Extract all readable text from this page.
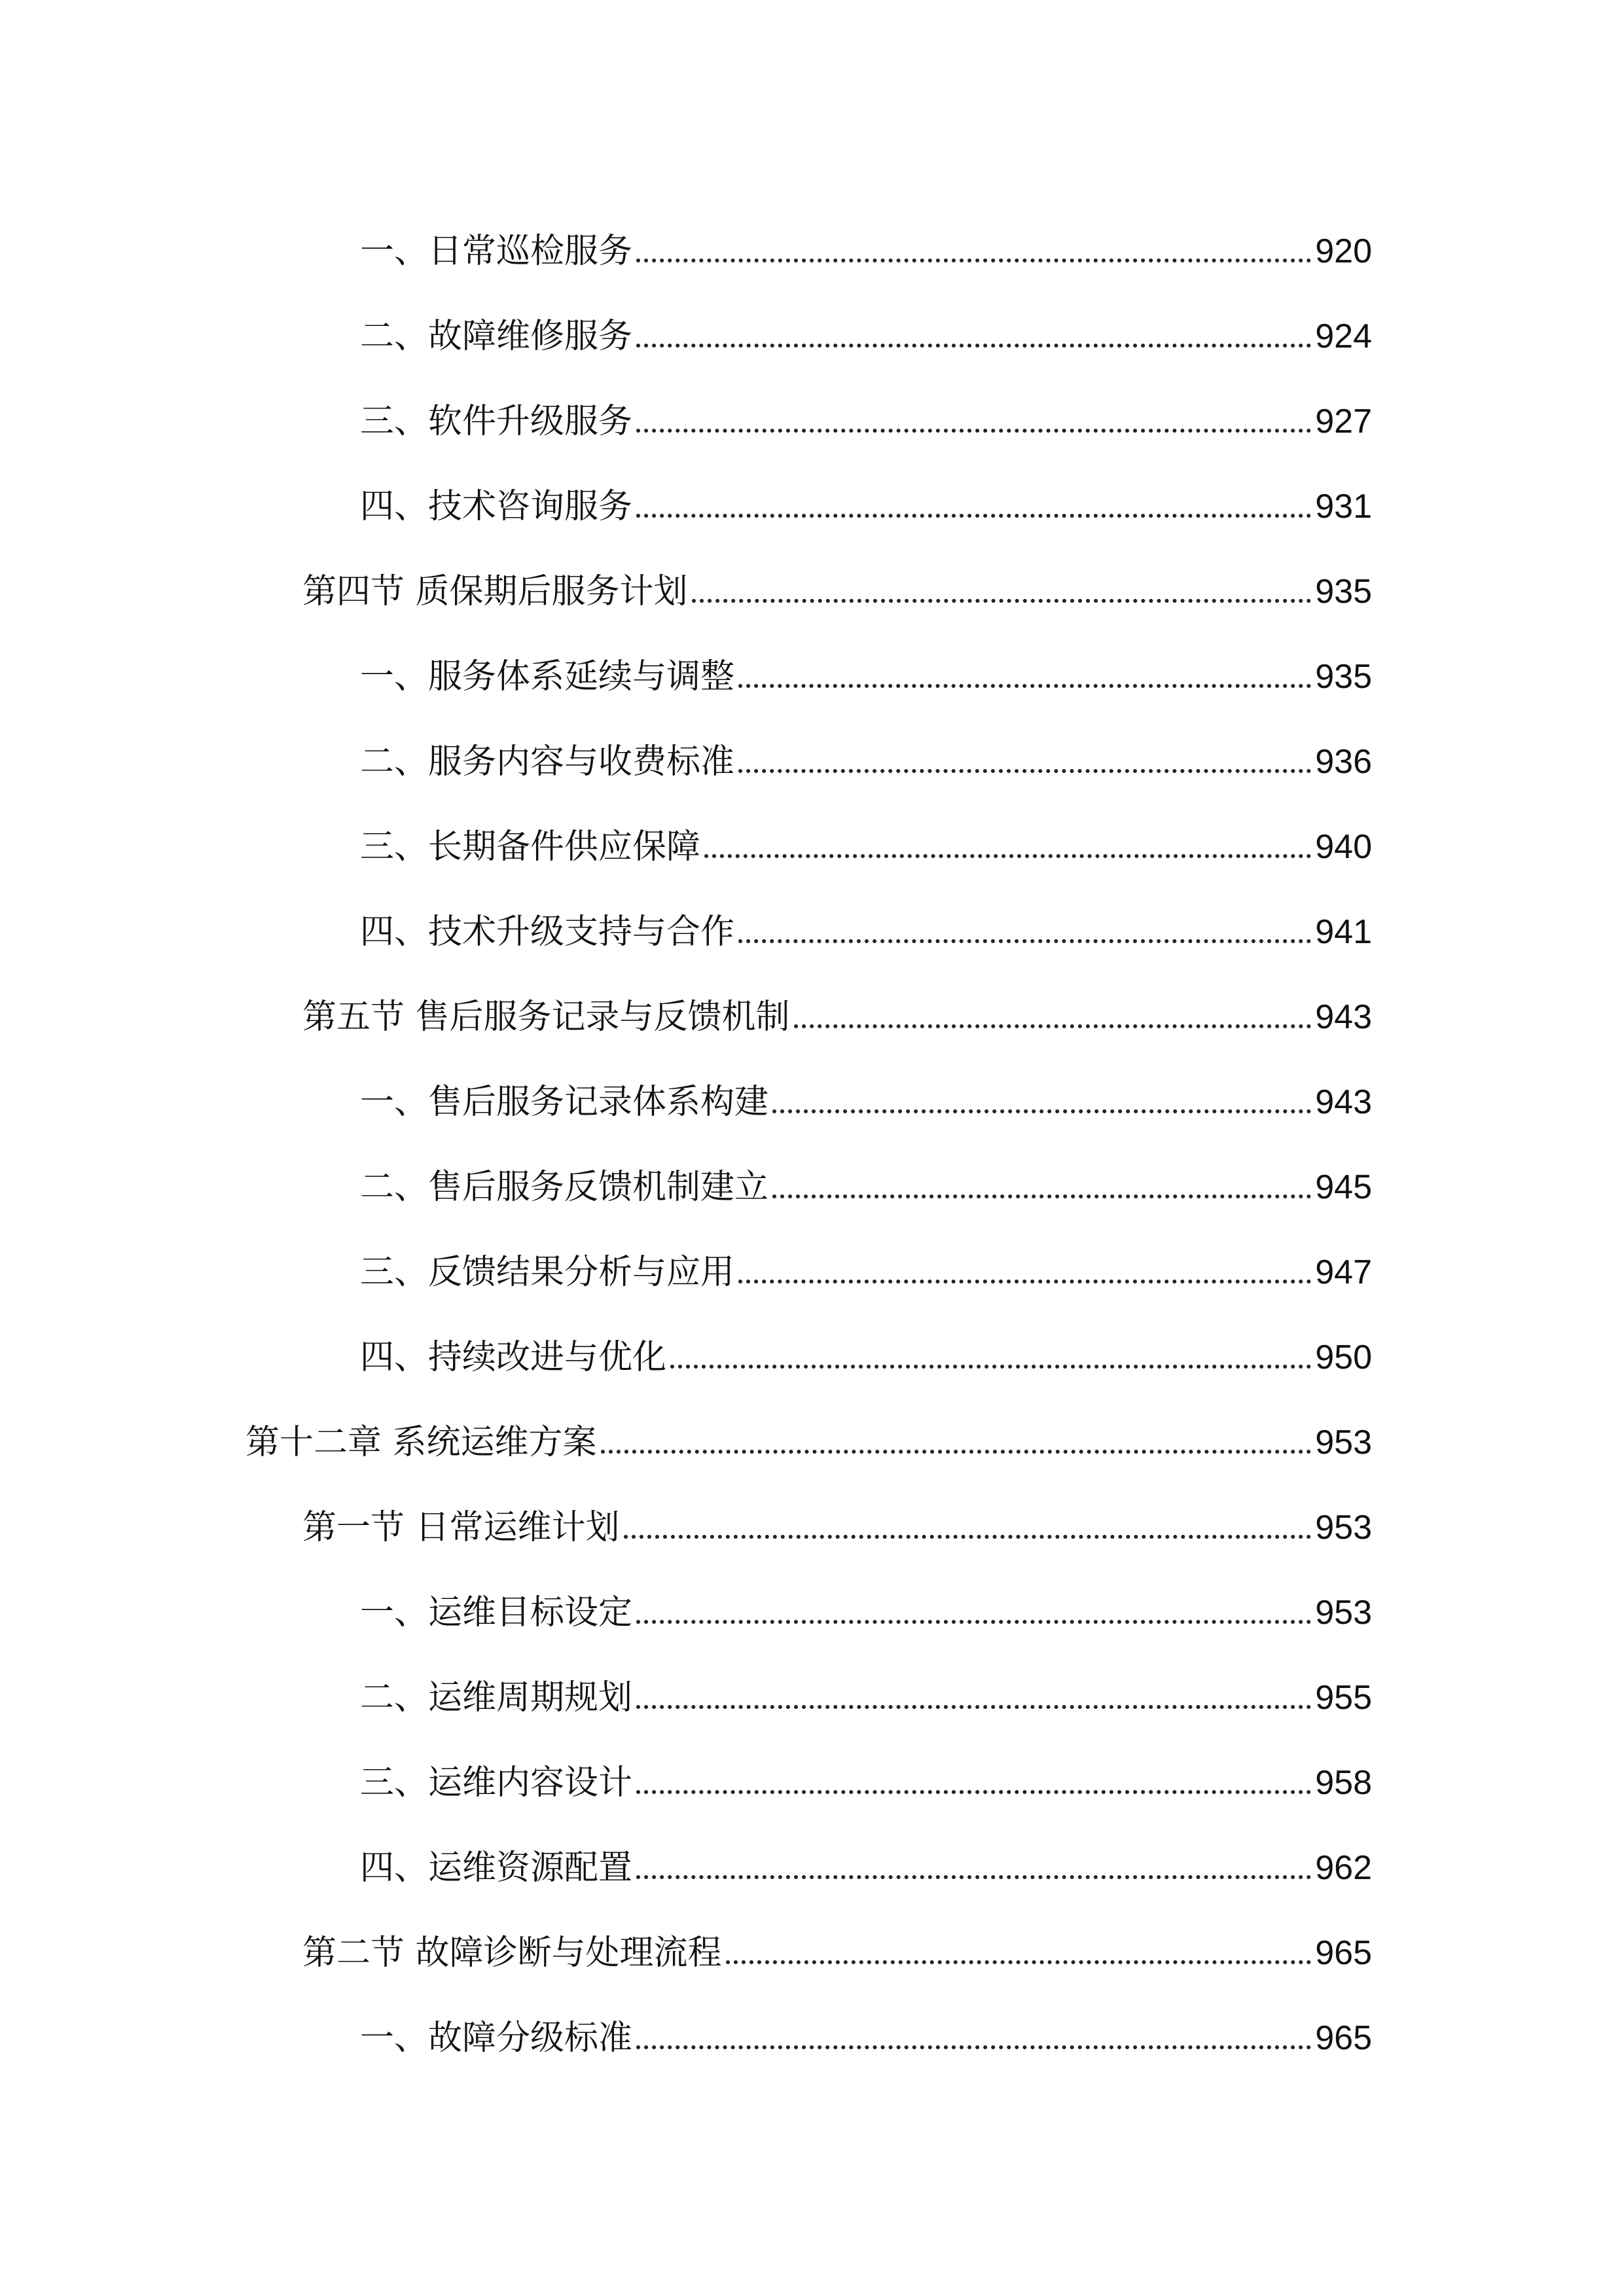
一、日常巡检服务	920
二、故障维修服务	924
三、软件升级服务	927
四、技术咨询服务	931
第四节 质保期后服务计划	935
一、服务体系延续与调整	935
二、服务内容与收费标准	936
三、长期备件供应保障	940
四、技术升级支持与合作	941
第五节 售后服务记录与反馈机制	943
一、售后服务记录体系构建	943
二、售后服务反馈机制建立	945
三、反馈结果分析与应用	947
四、持续改进与优化	950
第十二章 系统运维方案	953
第一节 日常运维计划	953
一、运维目标设定	953
二、运维周期规划	955
三、运维内容设计	958
四、运维资源配置	962
第二节 故障诊断与处理流程	965
一、故障分级标准	965
